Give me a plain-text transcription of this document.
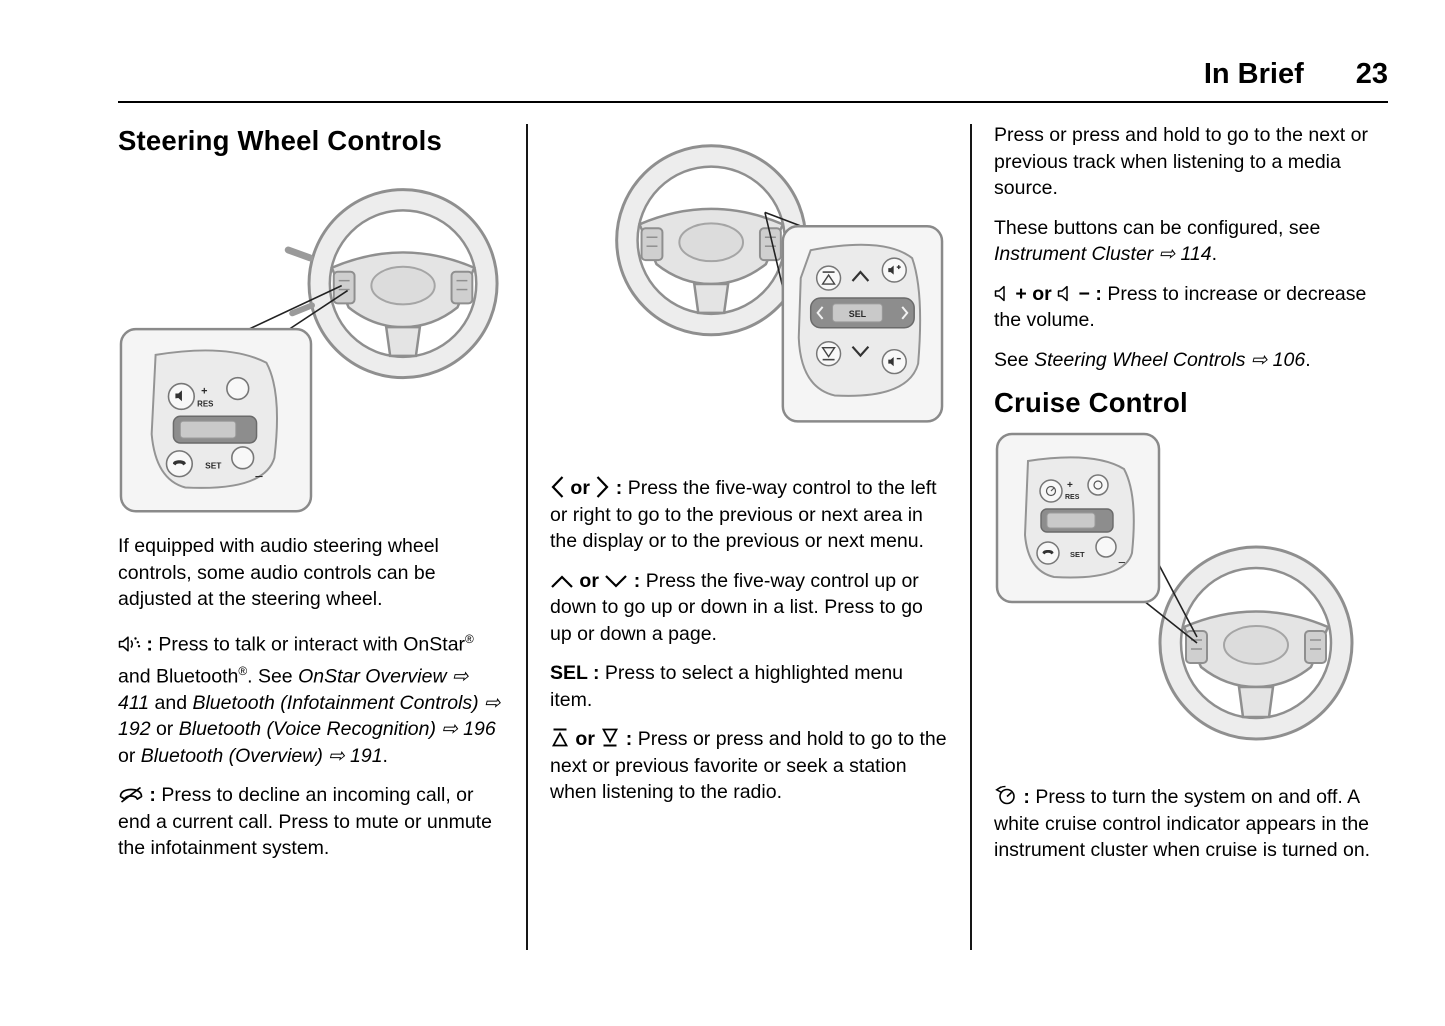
In Brief 23
Steering Wheel Controls
+
RES
SET
−

If equipped with audio steering wheel controls, some audio controls can be adjusted at the steering wheel.

: Press to talk or interact with OnStar® and Bluetooth®. See OnStar Overview ⇨ 411 and Bluetooth (Infotainment Controls) ⇨ 192 or Bluetooth (Voice Recognition) ⇨ 196 or Bluetooth (Overview) ⇨ 191.

: Press to decline an incoming call, or end a current call. Press to mute or unmute the infotainment system.

SEL

or  : Press the five-way control to the left or right to go to the previous or next area in the display or to the previous or next menu.

or  : Press the five-way control up or down to go up or down in a list. Press to go up or down a page.

SEL : Press to select a highlighted menu item.

or  : Press or press and hold to go to the next or previous favorite or seek a station when listening to the radio.

Press or press and hold to go to the next or previous track when listening to a media source.

These buttons can be configured, see Instrument Cluster ⇨ 114.

+ or − : Press to increase or decrease the volume.

See Steering Wheel Controls ⇨ 106.

Cruise Control
+
RES
SET
−

: Press to turn the system on and off. A white cruise control indicator appears in the instrument cluster when cruise is turned on.
